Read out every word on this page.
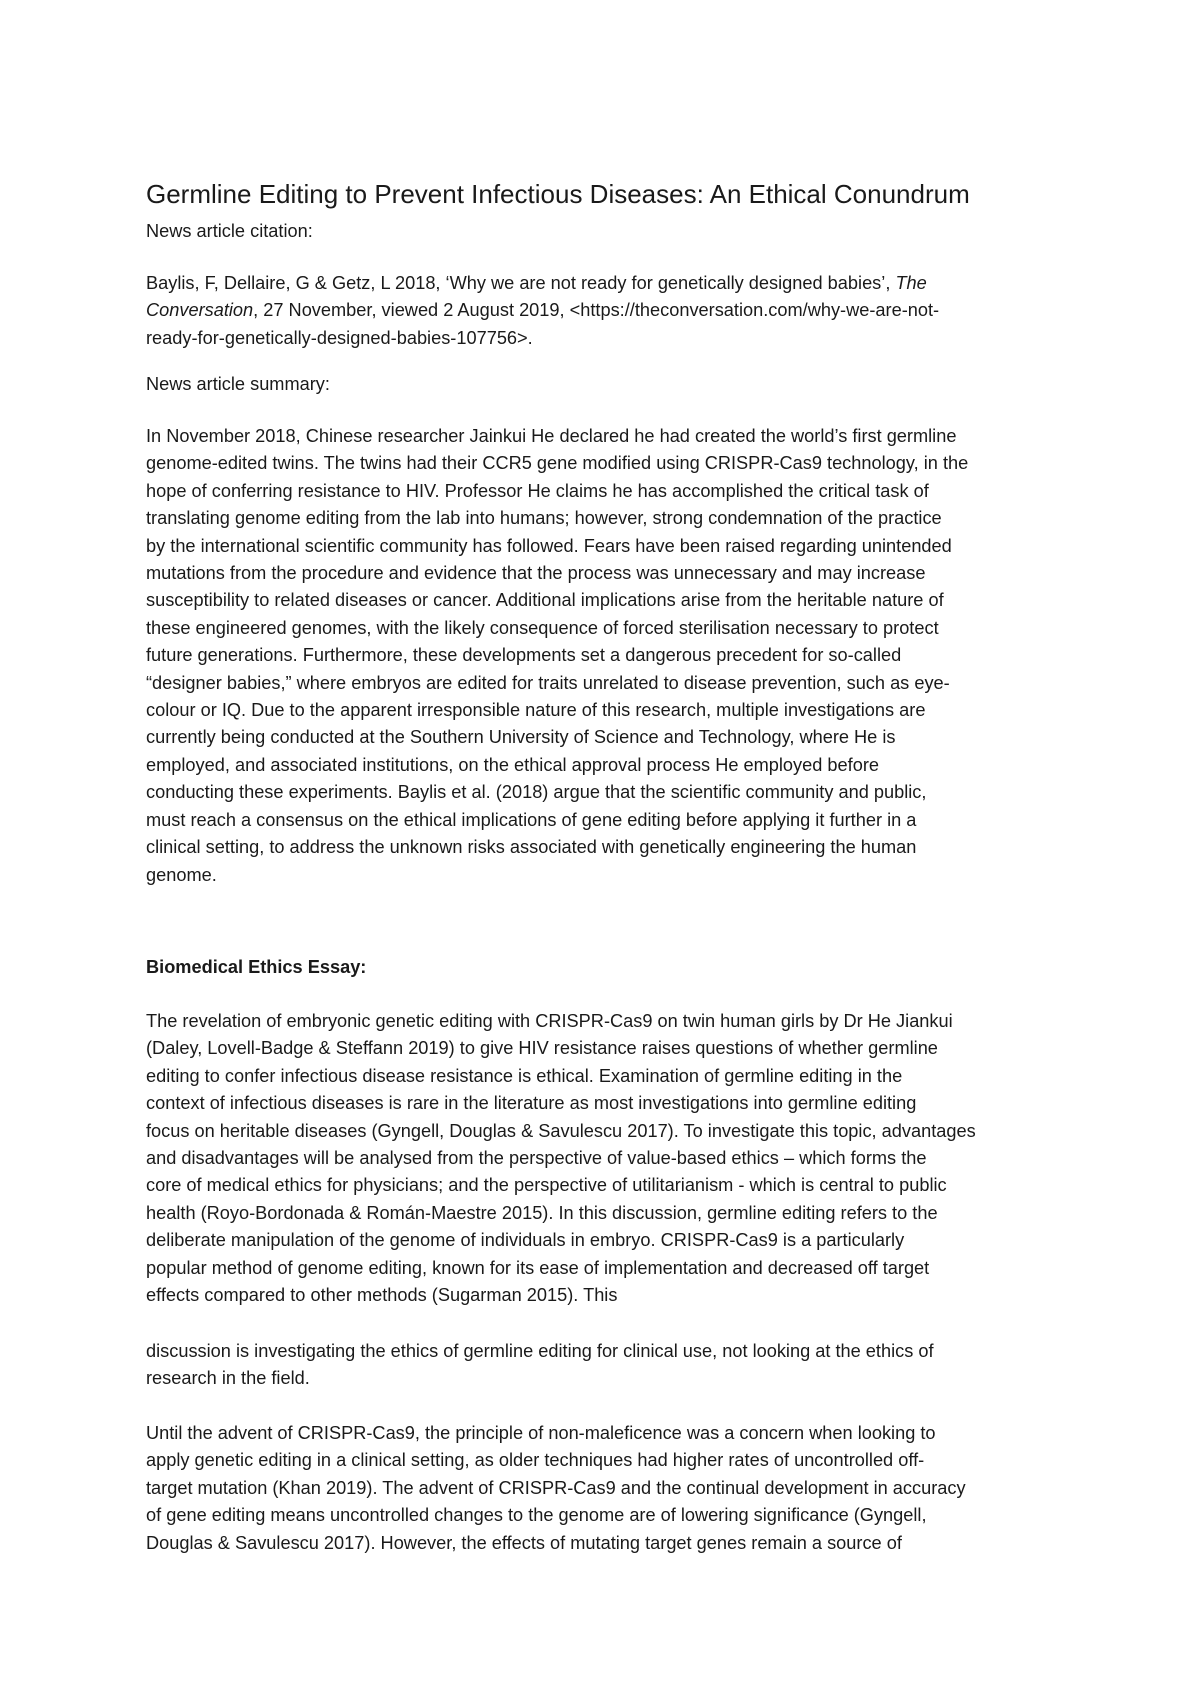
Germline Editing to Prevent Infectious Diseases: An Ethical Conundrum

News article citation:

Baylis, F, Dellaire, G & Getz, L 2018, ‘Why we are not ready for genetically designed babies’, The
Conversation, 27 November, viewed 2 August 2019, <https://theconversation.com/why-we-are-not-
ready-for-genetically-designed-babies-107756>.

News article summary:

In November 2018, Chinese researcher Jainkui He declared he had created the world’s first germline
genome-edited twins. The twins had their CCR5 gene modified using CRISPR-Cas9 technology, in the
hope of conferring resistance to HIV. Professor He claims he has accomplished the critical task of
translating genome editing from the lab into humans; however, strong condemnation of the practice
by the international scientific community has followed. Fears have been raised regarding unintended
mutations from the procedure and evidence that the process was unnecessary and may increase
susceptibility to related diseases or cancer. Additional implications arise from the heritable nature of
these engineered genomes, with the likely consequence of forced sterilisation necessary to protect
future generations. Furthermore, these developments set a dangerous precedent for so-called
“designer babies,” where embryos are edited for traits unrelated to disease prevention, such as eye-
colour or IQ. Due to the apparent irresponsible nature of this research, multiple investigations are
currently being conducted at the Southern University of Science and Technology, where He is
employed, and associated institutions, on the ethical approval process He employed before
conducting these experiments. Baylis et al. (2018) argue that the scientific community and public,
must reach a consensus on the ethical implications of gene editing before applying it further in a
clinical setting, to address the unknown risks associated with genetically engineering the human
genome.

Biomedical Ethics Essay:

The revelation of embryonic genetic editing with CRISPR-Cas9 on twin human girls by Dr He Jiankui
(Daley, Lovell-Badge & Steffann 2019) to give HIV resistance raises questions of whether germline
editing to confer infectious disease resistance is ethical. Examination of germline editing in the
context of infectious diseases is rare in the literature as most investigations into germline editing
focus on heritable diseases (Gyngell, Douglas & Savulescu 2017). To investigate this topic, advantages
and disadvantages will be analysed from the perspective of value-based ethics – which forms the
core of medical ethics for physicians; and the perspective of utilitarianism - which is central to public
health (Royo-Bordonada & Román-Maestre 2015). In this discussion, germline editing refers to the
deliberate manipulation of the genome of individuals in embryo. CRISPR-Cas9 is a particularly
popular method of genome editing, known for its ease of implementation and decreased off target
effects compared to other methods (Sugarman 2015). This
discussion is investigating the ethics of germline editing for clinical use, not looking at the ethics of
research in the field.
Until the advent of CRISPR-Cas9, the principle of non-maleficence was a concern when looking to
apply genetic editing in a clinical setting, as older techniques had higher rates of uncontrolled off-
target mutation (Khan 2019). The advent of CRISPR-Cas9 and the continual development in accuracy
of gene editing means uncontrolled changes to the genome are of lowering significance (Gyngell,
Douglas & Savulescu 2017). However, the effects of mutating target genes remain a source of
